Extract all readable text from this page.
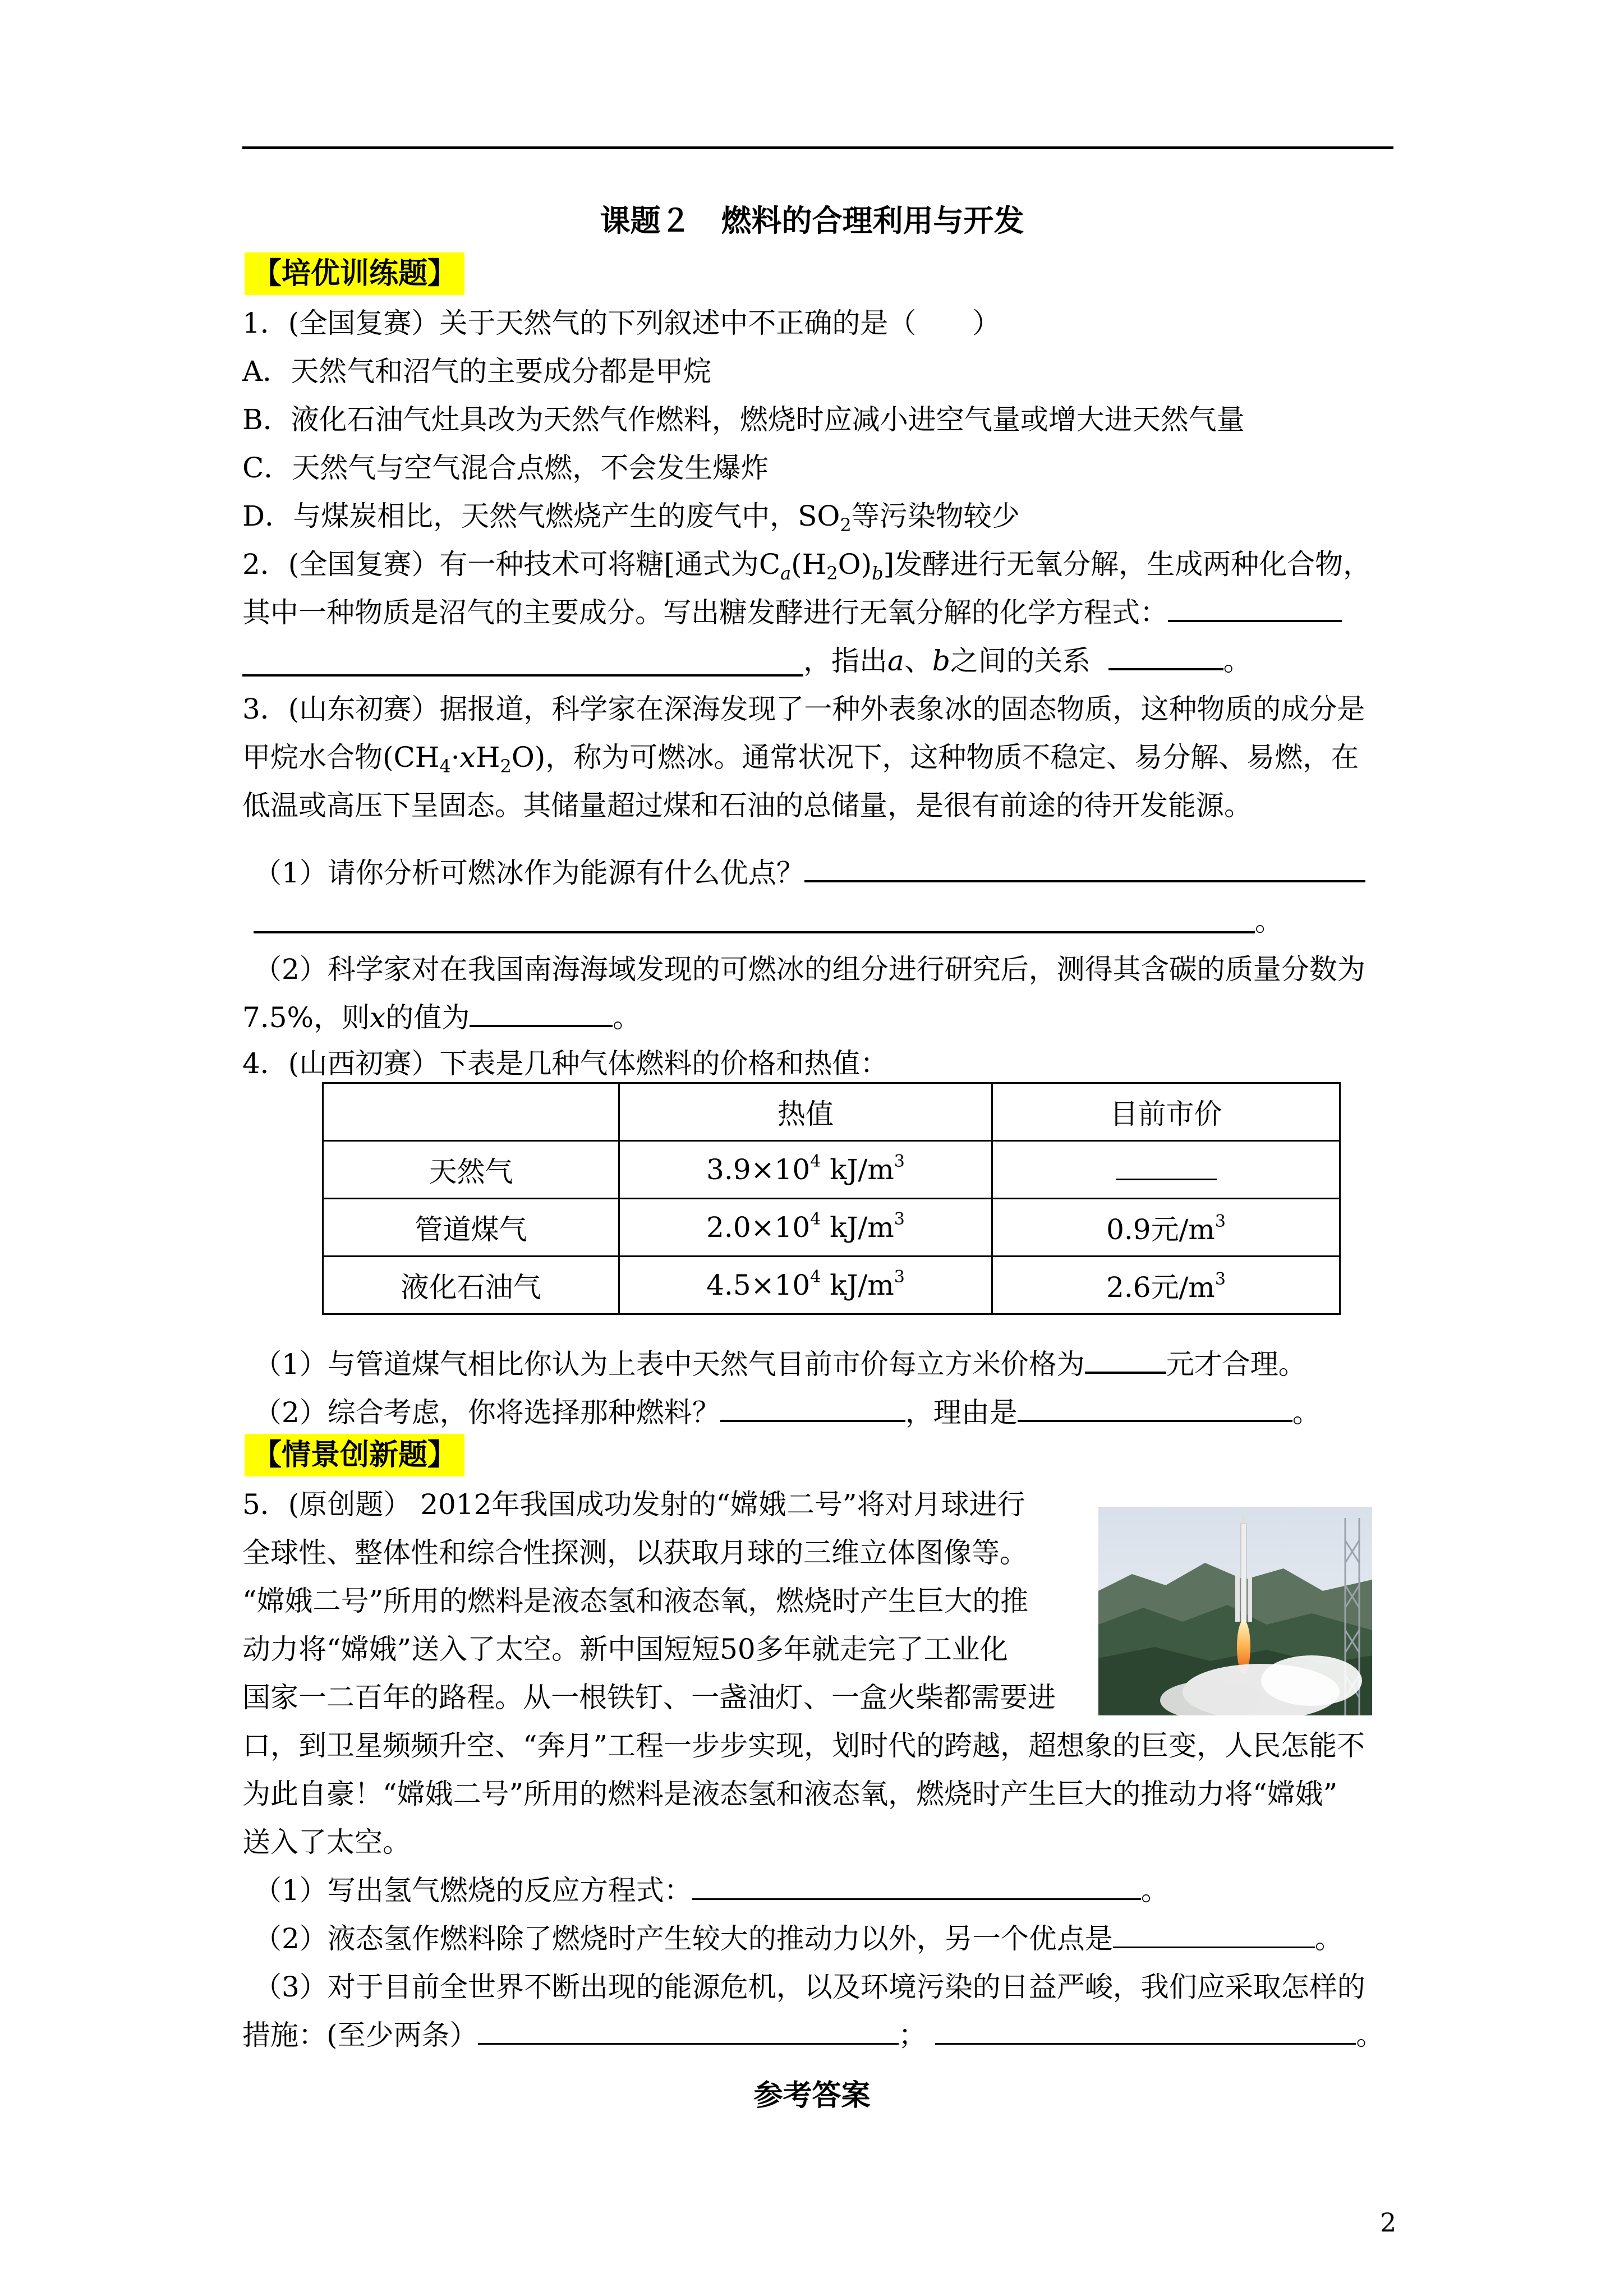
课题２　燃料的合理利用与开发
【培优训练题】
1．(全国复赛）关于天然气的下列叙述中不正确的是（　　）
A．天然气和沼气的主要成分都是甲烷
B．液化石油气灶具改为天然气作燃料，燃烧时应减小进空气量或增大进天然气量
C．天然气与空气混合点燃，不会发生爆炸
D．与煤炭相比，天然气燃烧产生的废气中，$SO_2$等污染物较少
2．(全国复赛）有一种技术可将糖[通式为$C_a(H_2O)_b$]发酵进行无氧分解，生成两种化合物，
其中一种物质是沼气的主要成分。写出糖发酵进行无氧分解的化学方程式：
，指出a、b之间的关系	。
3．(山东初赛）据报道，科学家在深海发现了一种外表象冰的固态物质，这种物质的成分是
甲烷水合物$(CH_4\cdot xH_2O)$，称为可燃冰。通常状况下，这种物质不稳定、易分解、易燃，在
低温或高压下呈固态。其储量超过煤和石油的总储量，是很有前途的待开发能源。
（1）请你分析可燃冰作为能源有什么优点？
。
（2）科学家对在我国南海海域发现的可燃冰的组分进行研究后，测得其含碳的质量分数为
7.5%，则x的值为	。
4．(山西初赛）下表是几种气体燃料的价格和热值：
	热值	目前市价
天然气	$3.9\times 10^4$ $kJ/m^3$	
管道煤气	$2.0\times 10^4$ $kJ/m^3$	0.9元$/m^3$
液化石油气	$4.5\times 10^4$ $kJ/m^3$	2.6元$/m^3$
（1）与管道煤气相比你认为上表中天然气目前市价每立方米价格为	元才合理。
（2）综合考虑，你将选择那种燃料？	，理由是	。
【情景创新题】
5．(原创题） 2012年我国成功发射的“嫦娥二号”将对月球进行
全球性、整体性和综合性探测，以获取月球的三维立体图像等。
“嫦娥二号”所用的燃料是液态氢和液态氧，燃烧时产生巨大的推
动力将“嫦娥”送入了太空。新中国短短50多年就走完了工业化
国家一二百年的路程。从一根铁钉、一盏油灯、一盒火柴都需要进
口，到卫星频频升空、“奔月”工程一步步实现，划时代的跨越，超想象的巨变，人民怎能不
为此自豪！“嫦娥二号”所用的燃料是液态氢和液态氧，燃烧时产生巨大的推动力将“嫦娥”
送入了太空。
（1）写出氢气燃烧的反应方程式：	。
（2）液态氢作燃料除了燃烧时产生较大的推动力以外，另一个优点是	。
（3）对于目前全世界不断出现的能源危机，以及环境污染的日益严峻，我们应采取怎样的
措施：(至少两条）	；	。
参考答案
2
